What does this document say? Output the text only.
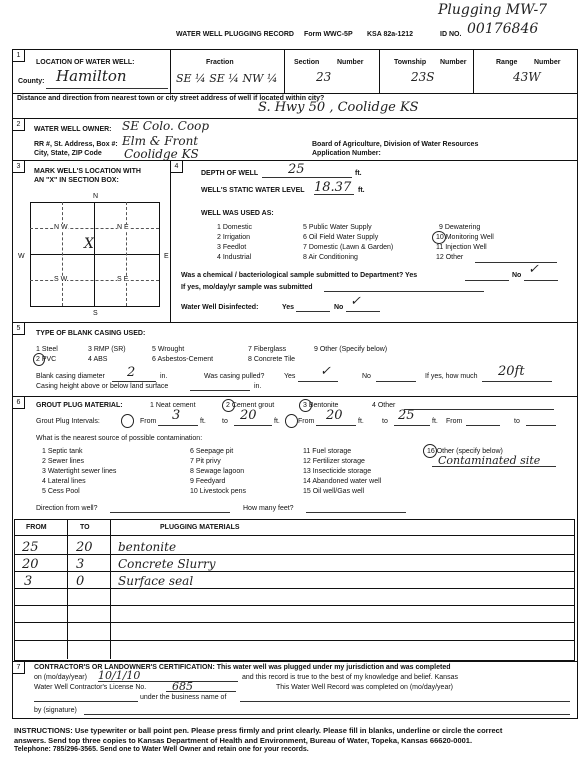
Plugging MW-7
WATER WELL PLUGGING RECORD Form WWC-5P KSA 82a-1212	ID NO. 00176846
1
LOCATION OF WATER WELL:
County: Hamilton
Fraction
SE ¼ SE ¼ NW ¼
Section	Number
23
Township Number
23S
Range Number
43W
Distance and direction from nearest town or city street address of well if located within city?
S. Hwy 50 , Coolidge KS
2
WATER WELL OWNER: SE Colo. Coop
RR #, St. Address, Box #: Elm & Front
City, State, ZIP Code Coolidge KS
Board of Agriculture, Division of Water Resources
Application Number:
3
MARK WELL'S LOCATION WITH
AN "X" IN SECTION BOX:
N
S
W	E
N W	N E
S W	S E
X
4
DEPTH OF WELL 25	ft.
WELL'S STATIC WATER LEVEL 18.37 ft.
WELL WAS USED AS:
1 Domestic	5 Public Water Supply	9 Dewatering
2 Irrigation	6 Oil Field Water Supply	10 Monitoring Well
3 Feedlot	7 Domestic (Lawn & Garden)	11 Injection Well
4 Industrial	8 Air Conditioning	12 Other
Was a chemical / bacteriological sample submitted to Department? Yes	No ✓
If yes, mo/day/yr sample was submitted
Water Well Disinfected:	Yes	No ✓
5
TYPE OF BLANK CASING USED:
1 Steel	3 RMP (SR)	5 Wrought	7 Fiberglass	9 Other (Specify below)
2 PVC	4 ABS	6 Asbestos-Cement	8 Concrete Tile
Blank casing diameter 2	in.	Was casing pulled?	Yes ✓	No	If yes, how much 20ft
Casing height above or below land surface	in.
6	GROUT PLUG MATERIAL:	1 Neat cement	2 Cement grout	3 Bentonite	4 Other
Grout Plug Intervals:	From 3	ft. to 20 ft.	From 20 ft.	to 25 ft. From	to
What is the nearest source of possible contamination:
1 Septic tank	6 Seepage pit	11 Fuel storage	16 Other (specify below)
2 Sewer lines	7 Pit privy	12 Fertilizer storage	Contaminated site
3 Watertight sewer lines	8 Sewage lagoon	13 Insecticide storage
4 Lateral lines	9 Feedyard	14 Abandoned water well
5 Cess Pool	10 Livestock pens	15 Oil well/Gas well
Direction from well?	How many feet?
FROM	TO	PLUGGING MATERIALS
25	20 bentonite
20	3	Concrete Slurry
3	0	Surface seal
7	CONTRACTOR'S OR LANDOWNER'S CERTIFICATION: This water well was plugged under my jurisdiction and was completed
on (mo/day/year) 10/1/10	and this record is true to the best of my knowledge and belief. Kansas
Water Well Contractor's License No. 685	This Water Well Record was completed on (mo/day/year)
under the business name of
by (signature)
INSTRUCTIONS: Use typewriter or ball point pen. Please press firmly and print clearly. Please fill in blanks, underline or circle the correct
answers. Send top three copies to Kansas Department of Health and Environment, Bureau of Water, Topeka, Kansas 66620-0001.
Telephone: 785/296-3565. Send one to Water Well Owner and retain one for your records.
